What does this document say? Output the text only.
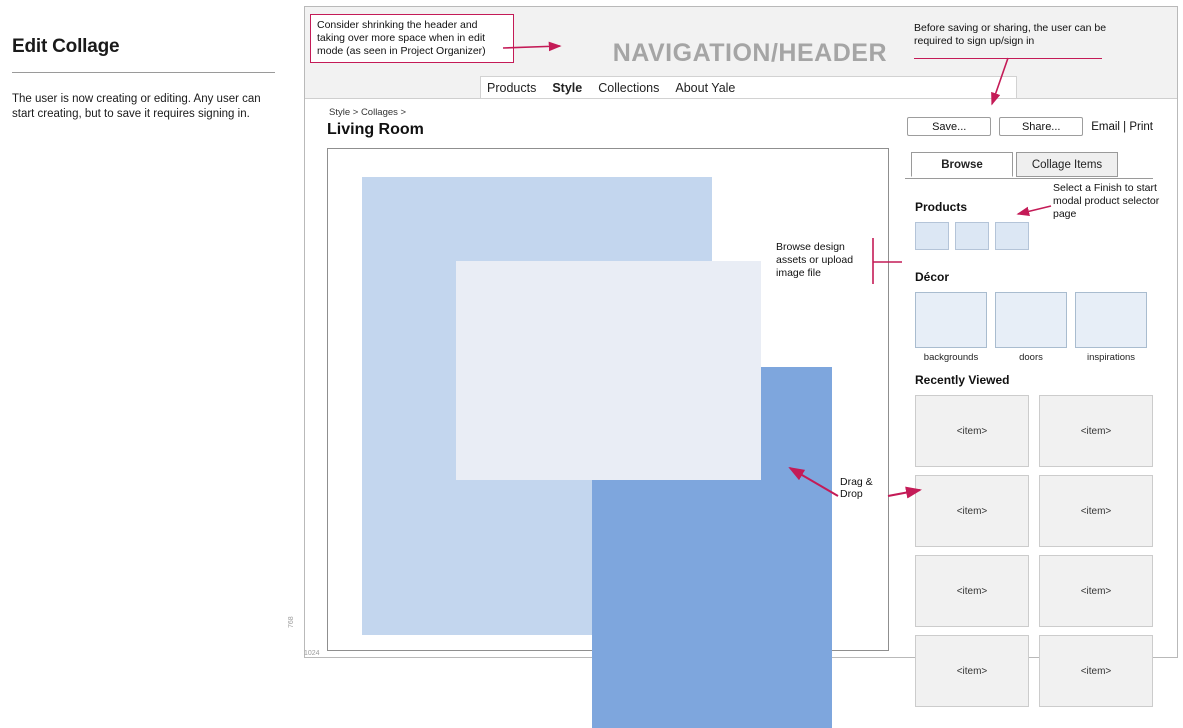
Edit Collage
The user is now creating or editing. Any user can start creating, but to save it requires signing in.
NAVIGATION/HEADER
Products Style Collections About Yale
Style > Collages >
Living Room	Save...	Share...	Email | Print
Browse	Collage Items
Products
Décor
backgrounds	doors	inspirations
Recently Viewed
<item>	<item>
<item>	<item>
<item>	<item>
<item>	<item>
768
1024
Consider shrinking the header and taking over more space when in edit mode (as seen in Project Organizer)
Before saving or sharing, the user can be required to sign up/sign in
Select a Finish to start modal product selector page
Browse design assets or upload image file
Drag & Drop
